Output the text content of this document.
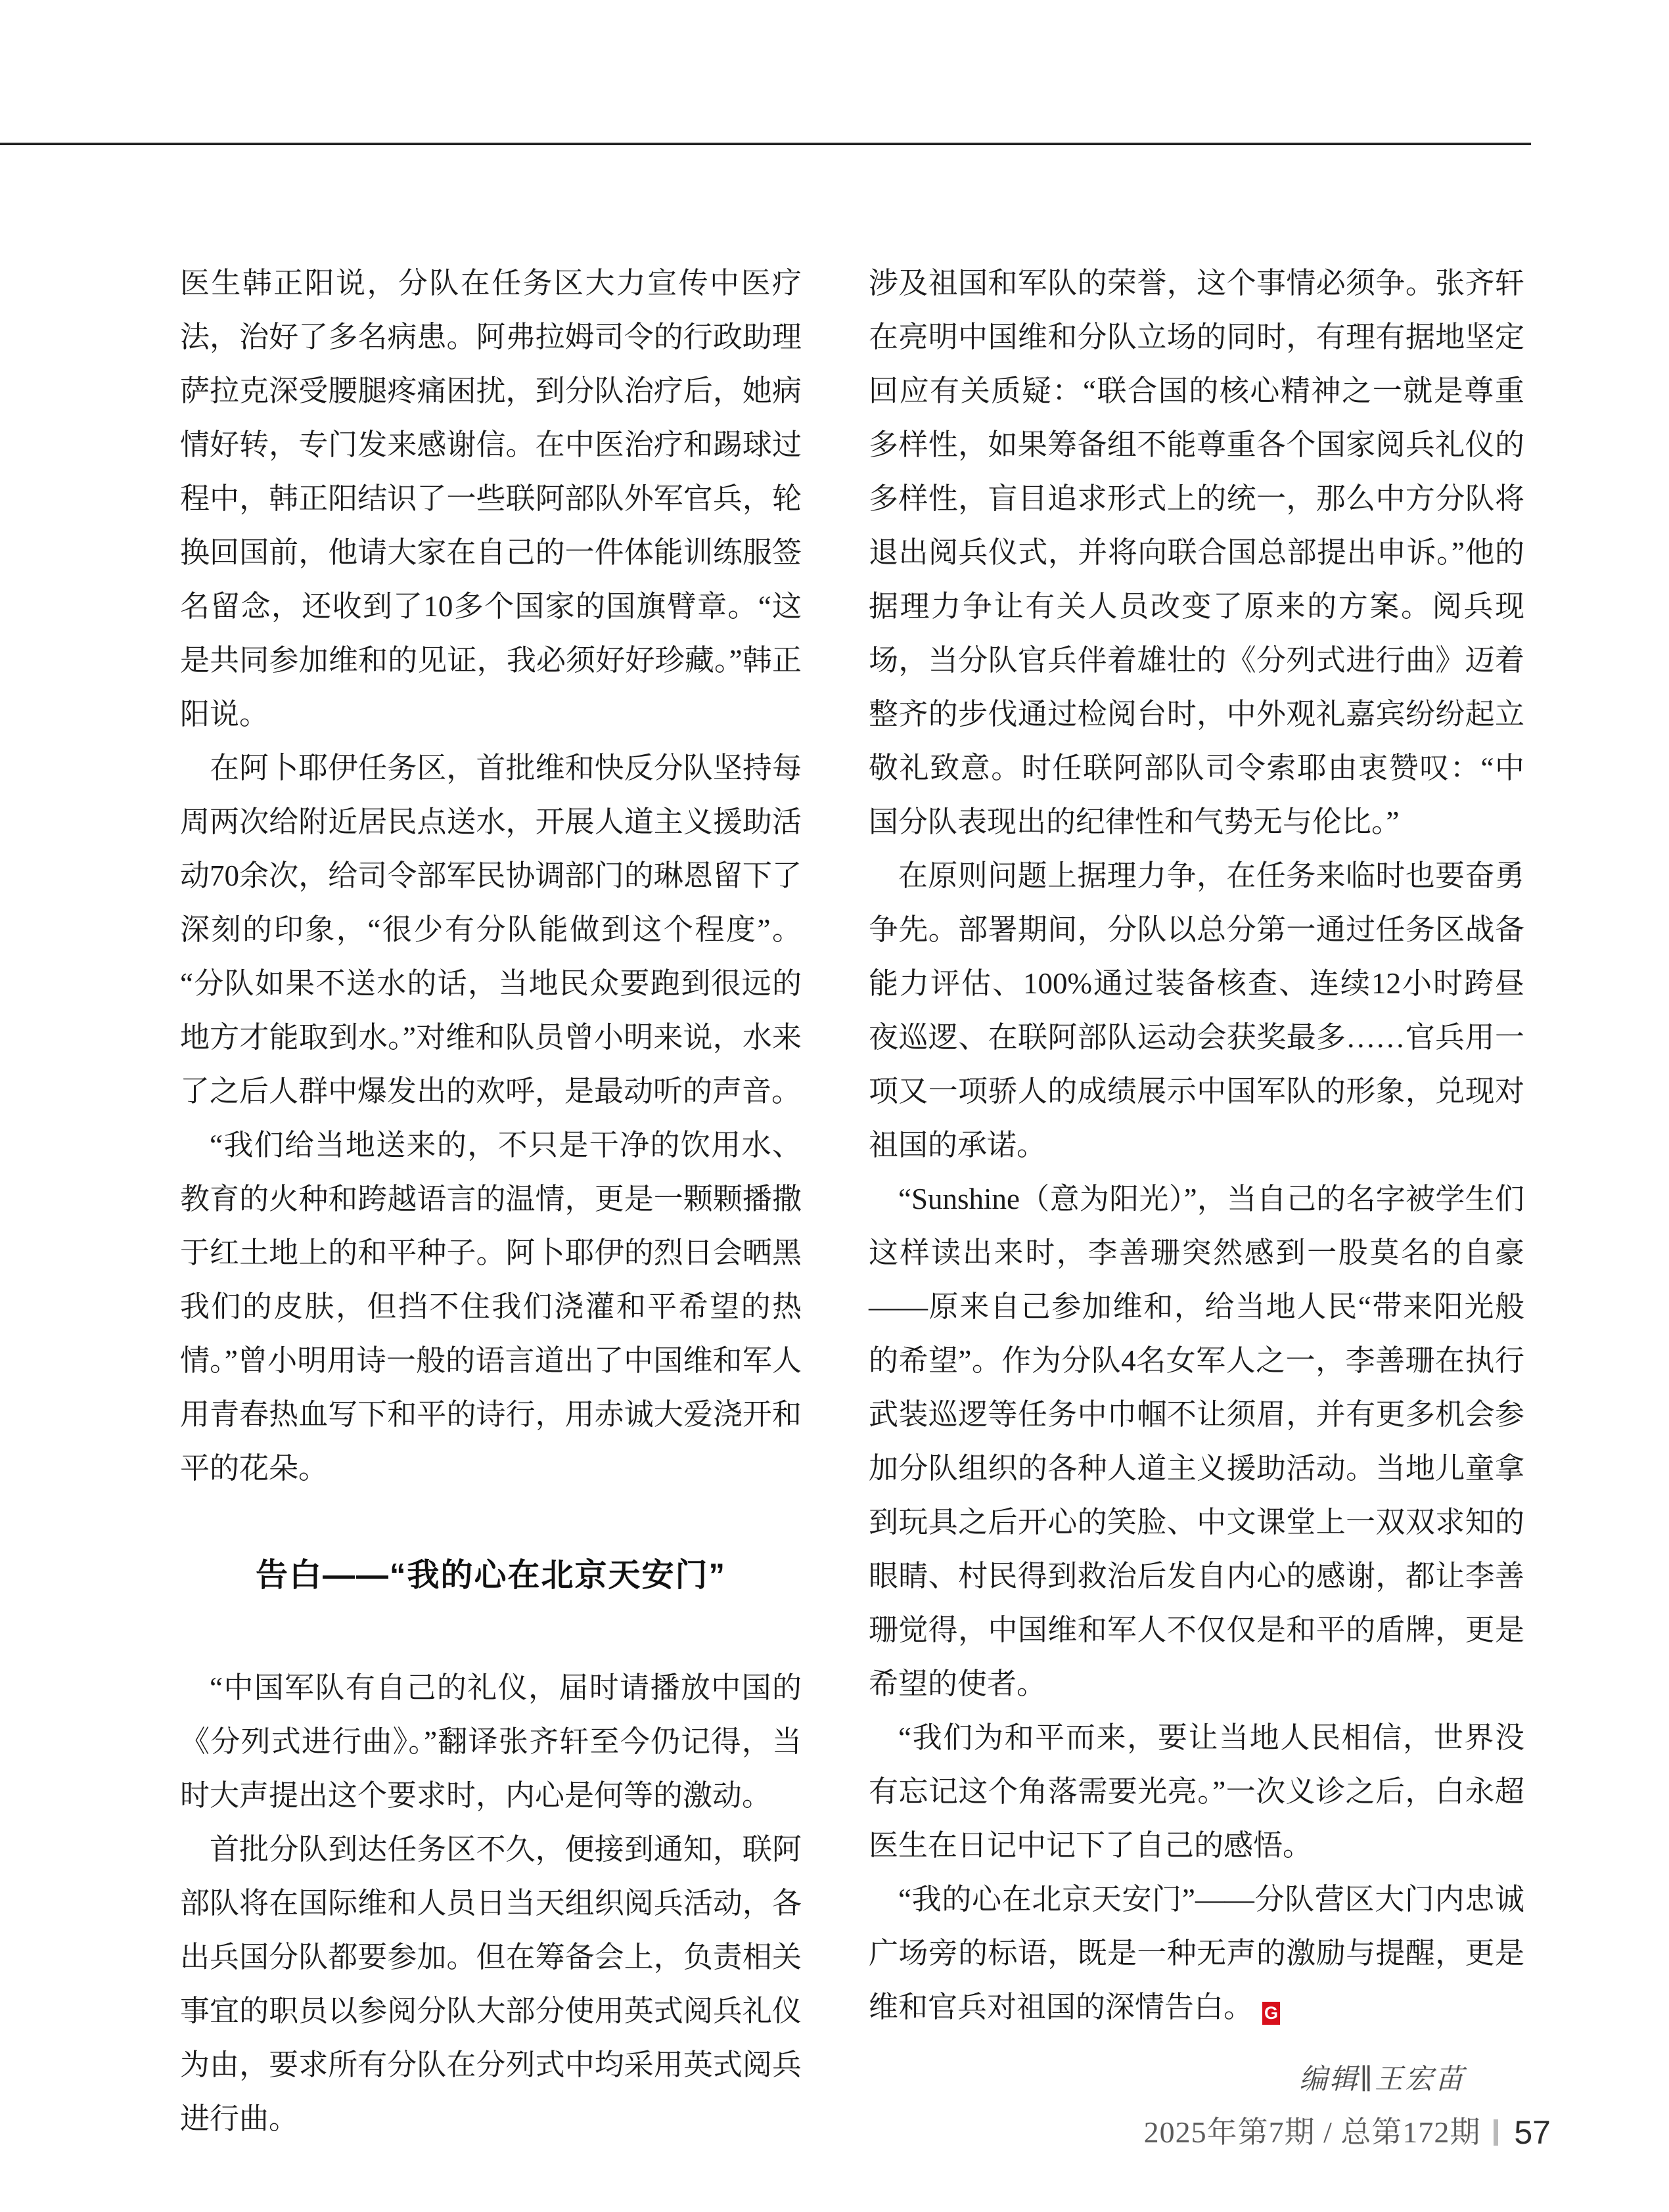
医生韩正阳说，分队在任务区大力宣传中医疗法，治好了多名病患。阿弗拉姆司令的行政助理萨拉克深受腰腿疼痛困扰，到分队治疗后，她病情好转，专门发来感谢信。在中医治疗和踢球过程中，韩正阳结识了一些联阿部队外军官兵，轮换回国前，他请大家在自己的一件体能训练服签名留念，还收到了10多个国家的国旗臂章。“这是共同参加维和的见证，我必须好好珍藏。”韩正阳说。

在阿卜耶伊任务区，首批维和快反分队坚持每周两次给附近居民点送水，开展人道主义援助活动70余次，给司令部军民协调部门的琳恩留下了深刻的印象，“很少有分队能做到这个程度”。“分队如果不送水的话，当地民众要跑到很远的地方才能取到水。”对维和队员曾小明来说，水来了之后人群中爆发出的欢呼，是最动听的声音。

“我们给当地送来的，不只是干净的饮用水、教育的火种和跨越语言的温情，更是一颗颗播撒于红土地上的和平种子。阿卜耶伊的烈日会晒黑我们的皮肤，但挡不住我们浇灌和平希望的热情。”曾小明用诗一般的语言道出了中国维和军人用青春热血写下和平的诗行，用赤诚大爱浇开和平的花朵。

告白——“我的心在北京天安门”

“中国军队有自己的礼仪，届时请播放中国的《分列式进行曲》。”翻译张齐轩至今仍记得，当时大声提出这个要求时，内心是何等的激动。

首批分队到达任务区不久，便接到通知，联阿部队将在国际维和人员日当天组织阅兵活动，各出兵国分队都要参加。但在筹备会上，负责相关事宜的职员以参阅分队大部分使用英式阅兵礼仪为由，要求所有分队在分列式中均采用英式阅兵进行曲。

涉及祖国和军队的荣誉，这个事情必须争。张齐轩在亮明中国维和分队立场的同时，有理有据地坚定回应有关质疑：“联合国的核心精神之一就是尊重多样性，如果筹备组不能尊重各个国家阅兵礼仪的多样性，盲目追求形式上的统一，那么中方分队将退出阅兵仪式，并将向联合国总部提出申诉。”他的据理力争让有关人员改变了原来的方案。阅兵现场，当分队官兵伴着雄壮的《分列式进行曲》迈着整齐的步伐通过检阅台时，中外观礼嘉宾纷纷起立敬礼致意。时任联阿部队司令索耶由衷赞叹：“中国分队表现出的纪律性和气势无与伦比。”

在原则问题上据理力争，在任务来临时也要奋勇争先。部署期间，分队以总分第一通过任务区战备能力评估、100%通过装备核查、连续12小时跨昼夜巡逻、在联阿部队运动会获奖最多……官兵用一项又一项骄人的成绩展示中国军队的形象，兑现对祖国的承诺。

“Sunshine（意为阳光）”，当自己的名字被学生们这样读出来时，李善珊突然感到一股莫名的自豪——原来自己参加维和，给当地人民“带来阳光般的希望”。作为分队4名女军人之一，李善珊在执行武装巡逻等任务中巾帼不让须眉，并有更多机会参加分队组织的各种人道主义援助活动。当地儿童拿到玩具之后开心的笑脸、中文课堂上一双双求知的眼睛、村民得到救治后发自内心的感谢，都让李善珊觉得，中国维和军人不仅仅是和平的盾牌，更是希望的使者。

“我们为和平而来，要让当地人民相信，世界没有忘记这个角落需要光亮。”一次义诊之后，白永超医生在日记中记下了自己的感悟。

“我的心在北京天安门”——分队营区大门内忠诚广场旁的标语，既是一种无声的激励与提醒，更是维和官兵对祖国的深情告白。 G

编辑∥王宏苗
2025年第7期 / 总第172期 57
